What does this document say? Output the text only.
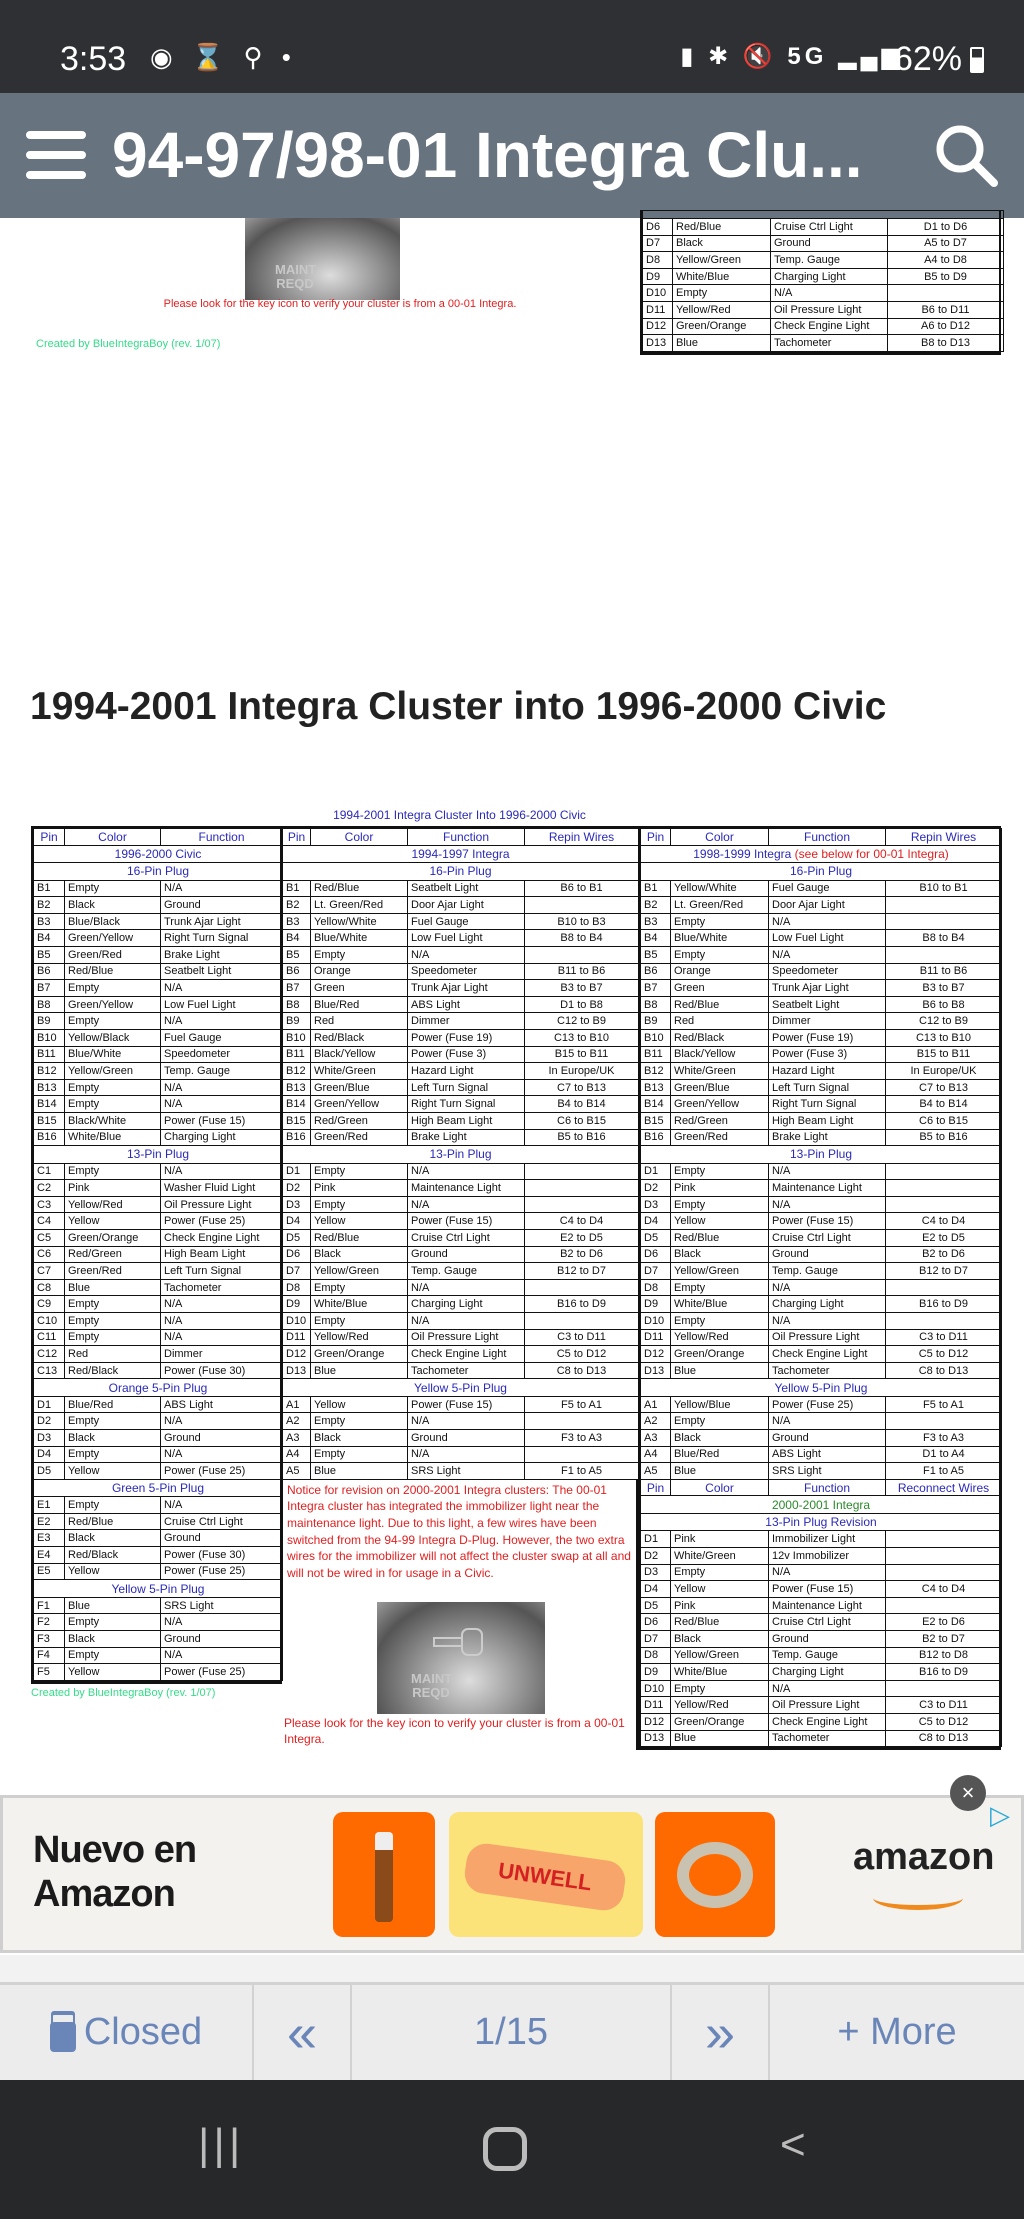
3:53 ◉ ⌛ ⚲ •	▮ ✱ 🔇 5G ▂▄▆
62%
94-97/98-01 Integra Clu...
MAINT REQD
Please look for the key icon to verify your cluster is from a 00-01 Integra.
Created by BlueIntegraBoy (rev. 1/07)

D6	Red/Blue	Cruise Ctrl Light	D1 to D6
D7	Black	Ground	A5 to D7
D8	Yellow/Green	Temp. Gauge	A4 to D8
D9	White/Blue	Charging Light	B5 to D9
D10	Empty	N/A	
D11	Yellow/Red	Oil Pressure Light	B6 to D11
D12	Green/Orange	Check Engine Light	A6 to D12
D13	Blue	Tachometer	B8 to D13
1994-2001 Integra Cluster into 1996-2000 Civic
1994-2001 Integra Cluster Into 1996-2000 Civic
Pin	Color	Function
1996-2000 Civic		
16-Pin Plug		
B1	Empty	N/A
B2	Black	Ground
B3	Blue/Black	Trunk Ajar Light
B4	Green/Yellow	Right Turn Signal
B5	Green/Red	Brake Light
B6	Red/Blue	Seatbelt Light
B7	Empty	N/A
B8	Green/Yellow	Low Fuel Light
B9	Empty	N/A
B10	Yellow/Black	Fuel Gauge
B11	Blue/White	Speedometer
B12	Yellow/Green	Temp. Gauge
B13	Empty	N/A
B14	Empty	N/A
B15	Black/White	Power (Fuse 15)
B16	White/Blue	Charging Light
13-Pin Plug		
C1	Empty	N/A
C2	Pink	Washer Fluid Light
C3	Yellow/Red	Oil Pressure Light
C4	Yellow	Power (Fuse 25)
C5	Green/Orange	Check Engine Light
C6	Red/Green	High Beam Light
C7	Green/Red	Left Turn Signal
C8	Blue	Tachometer
C9	Empty	N/A
C10	Empty	N/A
C11	Empty	N/A
C12	Red	Dimmer
C13	Red/Black	Power (Fuse 30)
Orange 5-Pin Plug		
D1	Blue/Red	ABS Light
D2	Empty	N/A
D3	Black	Ground
D4	Empty	N/A
D5	Yellow	Power (Fuse 25)
Green 5-Pin Plug		
E1	Empty	N/A
E2	Red/Blue	Cruise Ctrl Light
E3	Black	Ground
E4	Red/Black	Power (Fuse 30)
E5	Yellow	Power (Fuse 25)
Yellow 5-Pin Plug		
F1	Blue	SRS Light
F2	Empty	N/A
F3	Black	Ground
F4	Empty	N/A
F5	Yellow	Power (Fuse 25)
Created by BlueIntegraBoy (rev. 1/07)
Pin	Color	Function	Repin Wires
1994-1997 Integra			
16-Pin Plug			
B1	Red/Blue	Seatbelt Light	B6 to B1
B2	Lt. Green/Red	Door Ajar Light	
B3	Yellow/White	Fuel Gauge	B10 to B3
B4	Blue/White	Low Fuel Light	B8 to B4
B5	Empty	N/A	
B6	Orange	Speedometer	B11 to B6
B7	Green	Trunk Ajar Light	B3 to B7
B8	Blue/Red	ABS Light	D1 to B8
B9	Red	Dimmer	C12 to B9
B10	Red/Black	Power (Fuse 19)	C13 to B10
B11	Black/Yellow	Power (Fuse 3)	B15 to B11
B12	White/Green	Hazard Light	In Europe/UK
B13	Green/Blue	Left Turn Signal	C7 to B13
B14	Green/Yellow	Right Turn Signal	B4 to B14
B15	Red/Green	High Beam Light	C6 to B15
B16	Green/Red	Brake Light	B5 to B16
13-Pin Plug			
D1	Empty	N/A	
D2	Pink	Maintenance Light	
D3	Empty	N/A	
D4	Yellow	Power (Fuse 15)	C4 to D4
D5	Red/Blue	Cruise Ctrl Light	E2 to D5
D6	Black	Ground	B2 to D6
D7	Yellow/Green	Temp. Gauge	B12 to D7
D8	Empty	N/A	
D9	White/Blue	Charging Light	B16 to D9
D10	Empty	N/A	
D11	Yellow/Red	Oil Pressure Light	C3 to D11
D12	Green/Orange	Check Engine Light	C5 to D12
D13	Blue	Tachometer	C8 to D13
Yellow 5-Pin Plug			
A1	Yellow	Power (Fuse 15)	F5 to A1
A2	Empty	N/A	
A3	Black	Ground	F3 to A3
A4	Empty	N/A	
A5	Blue	SRS Light	F1 to A5
Notice for revision on 2000-2001 Integra clusters: The 00-01 Integra cluster has integrated the immobilizer light near the maintenance light. Due to this light, a few wires have been switched from the 94-99 Integra D-Plug. However, the two extra wires for the immobilizer will not affect the cluster swap at all and will not be wired in for usage in a Civic.
MAINT REQD
Please look for the key icon to verify your cluster is from a 00-01 Integra.
Pin	Color	Function	Repin Wires
1998-1999 Integra (see below for 00-01 Integra)			
16-Pin Plug			
B1	Yellow/White	Fuel Gauge	B10 to B1
B2	Lt. Green/Red	Door Ajar Light	
B3	Empty	N/A	
B4	Blue/White	Low Fuel Light	B8 to B4
B5	Empty	N/A	
B6	Orange	Speedometer	B11 to B6
B7	Green	Trunk Ajar Light	B3 to B7
B8	Red/Blue	Seatbelt Light	B6 to B8
B9	Red	Dimmer	C12 to B9
B10	Red/Black	Power (Fuse 19)	C13 to B10
B11	Black/Yellow	Power (Fuse 3)	B15 to B11
B12	White/Green	Hazard Light	In Europe/UK
B13	Green/Blue	Left Turn Signal	C7 to B13
B14	Green/Yellow	Right Turn Signal	B4 to B14
B15	Red/Green	High Beam Light	C6 to B15
B16	Green/Red	Brake Light	B5 to B16
13-Pin Plug			
D1	Empty	N/A	
D2	Pink	Maintenance Light	
D3	Empty	N/A	
D4	Yellow	Power (Fuse 15)	C4 to D4
D5	Red/Blue	Cruise Ctrl Light	E2 to D5
D6	Black	Ground	B2 to D6
D7	Yellow/Green	Temp. Gauge	B12 to D7
D8	Empty	N/A	
D9	White/Blue	Charging Light	B16 to D9
D10	Empty	N/A	
D11	Yellow/Red	Oil Pressure Light	C3 to D11
D12	Green/Orange	Check Engine Light	C5 to D12
D13	Blue	Tachometer	C8 to D13
Yellow 5-Pin Plug			
A1	Yellow/Blue	Power (Fuse 25)	F5 to A1
A2	Empty	N/A	
A3	Black	Ground	F3 to A3
A4	Blue/Red	ABS Light	D1 to A4
A5	Blue	SRS Light	F1 to A5
Pin	Color	Function	Reconnect Wires
2000-2001 Integra			
13-Pin Plug Revision			
D1	Pink	Immobilizer Light	
D2	White/Green	12v Immobilizer	
D3	Empty	N/A	
D4	Yellow	Power (Fuse 15)	C4 to D4
D5	Pink	Maintenance Light	
D6	Red/Blue	Cruise Ctrl Light	E2 to D6
D7	Black	Ground	B2 to D7
D8	Yellow/Green	Temp. Gauge	B12 to D8
D9	White/Blue	Charging Light	B16 to D9
D10	Empty	N/A	
D11	Yellow/Red	Oil Pressure Light	C3 to D11
D12	Green/Orange	Check Engine Light	C5 to D12
D13	Blue	Tachometer	C8 to D13
Nuevo en Amazon	UNWELL	amazon
×
▷
Closed «	1/15	»	+ More
|||	<
